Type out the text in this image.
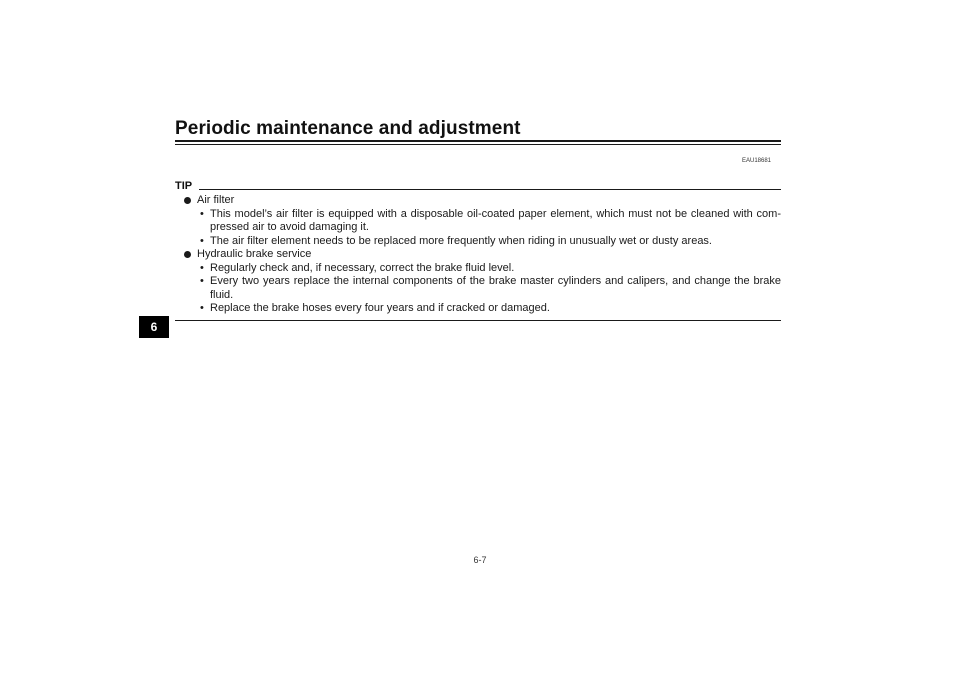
Periodic maintenance and adjustment
6
EAU18681
TIP
Air filter
• This model’s air filter is equipped with a disposable oil-coated paper element, which must not be cleaned with com-pressed air to avoid damaging it.
• The air filter element needs to be replaced more frequently when riding in unusually wet or dusty areas.
Hydraulic brake service
• Regularly check and, if necessary, correct the brake fluid level.
• Every two years replace the internal components of the brake master cylinders and calipers, and change the brake fluid.
• Replace the brake hoses every four years and if cracked or damaged.
6-7
